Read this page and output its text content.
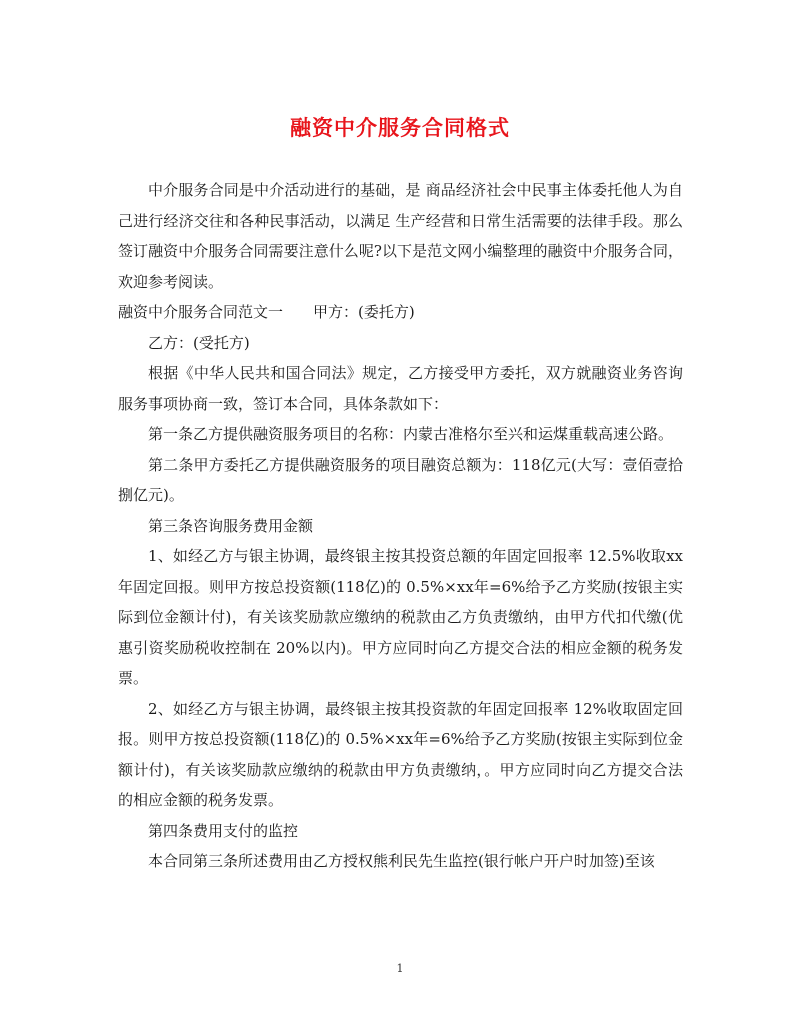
融资中介服务合同格式

中介服务合同是中介活动进行的基础，是 商品经济社会中民事主体委托他人为自己进行经济交往和各种民事活动，以满足 生产经营和日常生活需要的法律手段。那么签订融资中介服务合同需要注意什么呢?以下是范文网小编整理的融资中介服务合同，欢迎参考阅读。

融资中介服务合同范文一　　甲方：(委托方)

乙方：(受托方)

根据《中华人民共和国合同法》规定，乙方接受甲方委托，双方就融资业务咨询服务事项协商一致，签订本合同，具体条款如下：

第一条乙方提供融资服务项目的名称：内蒙古准格尔至兴和运煤重载高速公路。

第二条甲方委托乙方提供融资服务的项目融资总额为：118亿元(大写：壹佰壹拾捌亿元)。

第三条咨询服务费用金额

1、如经乙方与银主协调，最终银主按其投资总额的年固定回报率 12.5%收取xx年固定回报。则甲方按总投资额(118亿)的 0.5%×xx年=6%给予乙方奖励(按银主实际到位金额计付)，有关该奖励款应缴纳的税款由乙方负责缴纳，由甲方代扣代缴(优惠引资奖励税收控制在 20%以内)。甲方应同时向乙方提交合法的相应金额的税务发票。

2、如经乙方与银主协调，最终银主按其投资款的年固定回报率 12%收取固定回报。则甲方按总投资额(118亿)的 0.5%×xx年=6%给予乙方奖励(按银主实际到位金额计付)，有关该奖励款应缴纳的税款由甲方负责缴纳，。甲方应同时向乙方提交合法的相应金额的税务发票。

第四条费用支付的监控

本合同第三条所述费用由乙方授权熊利民先生监控(银行帐户开户时加签)至该

1
